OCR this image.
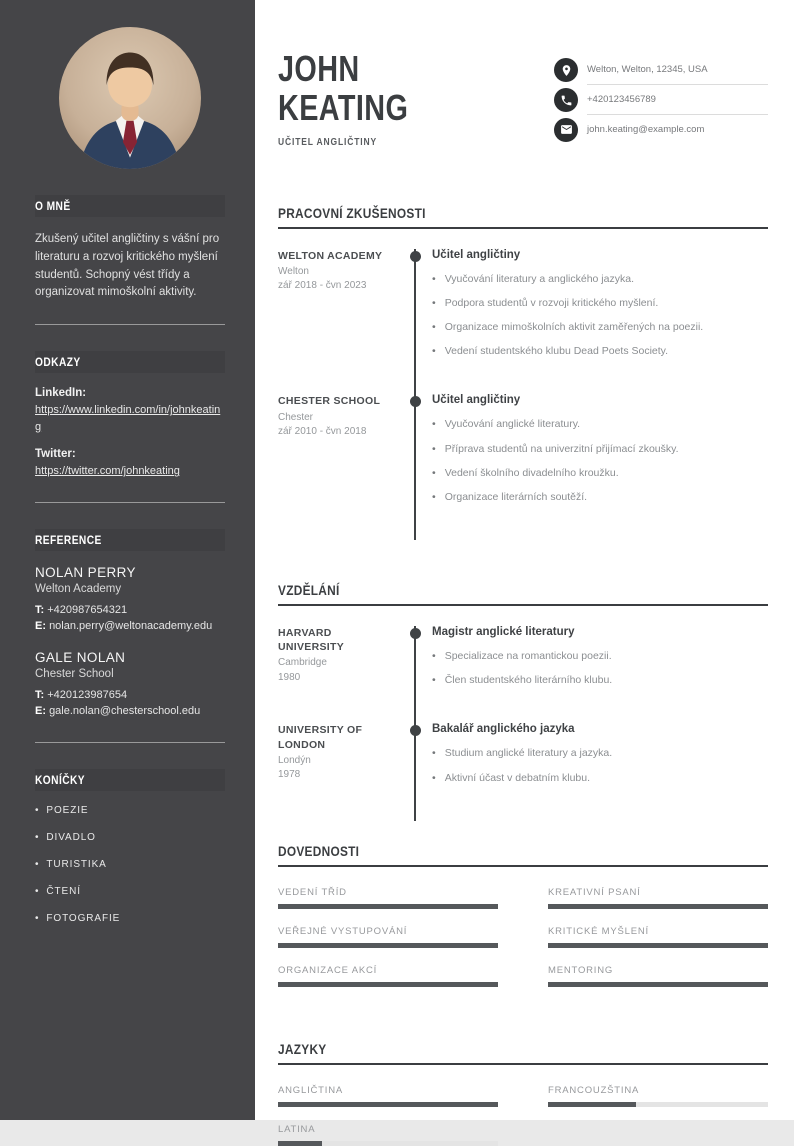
O MNĚ
Zkušený učitel angličtiny s vášní pro literaturu a rozvoj kritického myšlení studentů. Schopný vést třídy a organizovat mimoškolní aktivity.
ODKAZY
LinkedIn:
https://www.linkedin.com/in/johnkeating
Twitter:
https://twitter.com/johnkeating
REFERENCE
NOLAN PERRY
Welton Academy
T: +420987654321
E: nolan.perry@weltonacademy.edu
GALE NOLAN
Chester School
T: +420123987654
E: gale.nolan@chesterschool.edu
KONÍČKY
• POEZIE
• DIVADLO
• TURISTIKA
• ČTENÍ
• FOTOGRAFIE
JOHN
KEATING
UČITEL ANGLIČTINY
Welton, Welton, 12345, USA
+420123456789
john.keating@example.com
PRACOVNÍ ZKUŠENOSTI
WELTON ACADEMY
Welton
zář 2018 - čvn 2023
Učitel angličtiny
• Vyučování literatury a anglického jazyka.
• Podpora studentů v rozvoji kritického myšlení.
• Organizace mimoškolních aktivit zaměřených na poezii.
• Vedení studentského klubu Dead Poets Society.
CHESTER SCHOOL
Chester
zář 2010 - čvn 2018
Učitel angličtiny
• Vyučování anglické literatury.
• Příprava studentů na univerzitní přijímací zkoušky.
• Vedení školního divadelního kroužku.
• Organizace literárních soutěží.
VZDĚLÁNÍ
HARVARD UNIVERSITY
Cambridge
1980
Magistr anglické literatury
• Specializace na romantickou poezii.
• Člen studentského literárního klubu.
UNIVERSITY OF LONDON
Londýn
1978
Bakalář anglického jazyka
• Studium anglické literatury a jazyka.
• Aktivní účast v debatním klubu.
DOVEDNOSTI
VEDENÍ TŘÍD	KREATIVNÍ PSANÍ
VEŘEJNÉ VYSTUPOVÁNÍ	KRITICKÉ MYŠLENÍ
ORGANIZACE AKCÍ	MENTORING
JAZYKY
ANGLIČTINA	FRANCOUZŠTINA
LATINA
